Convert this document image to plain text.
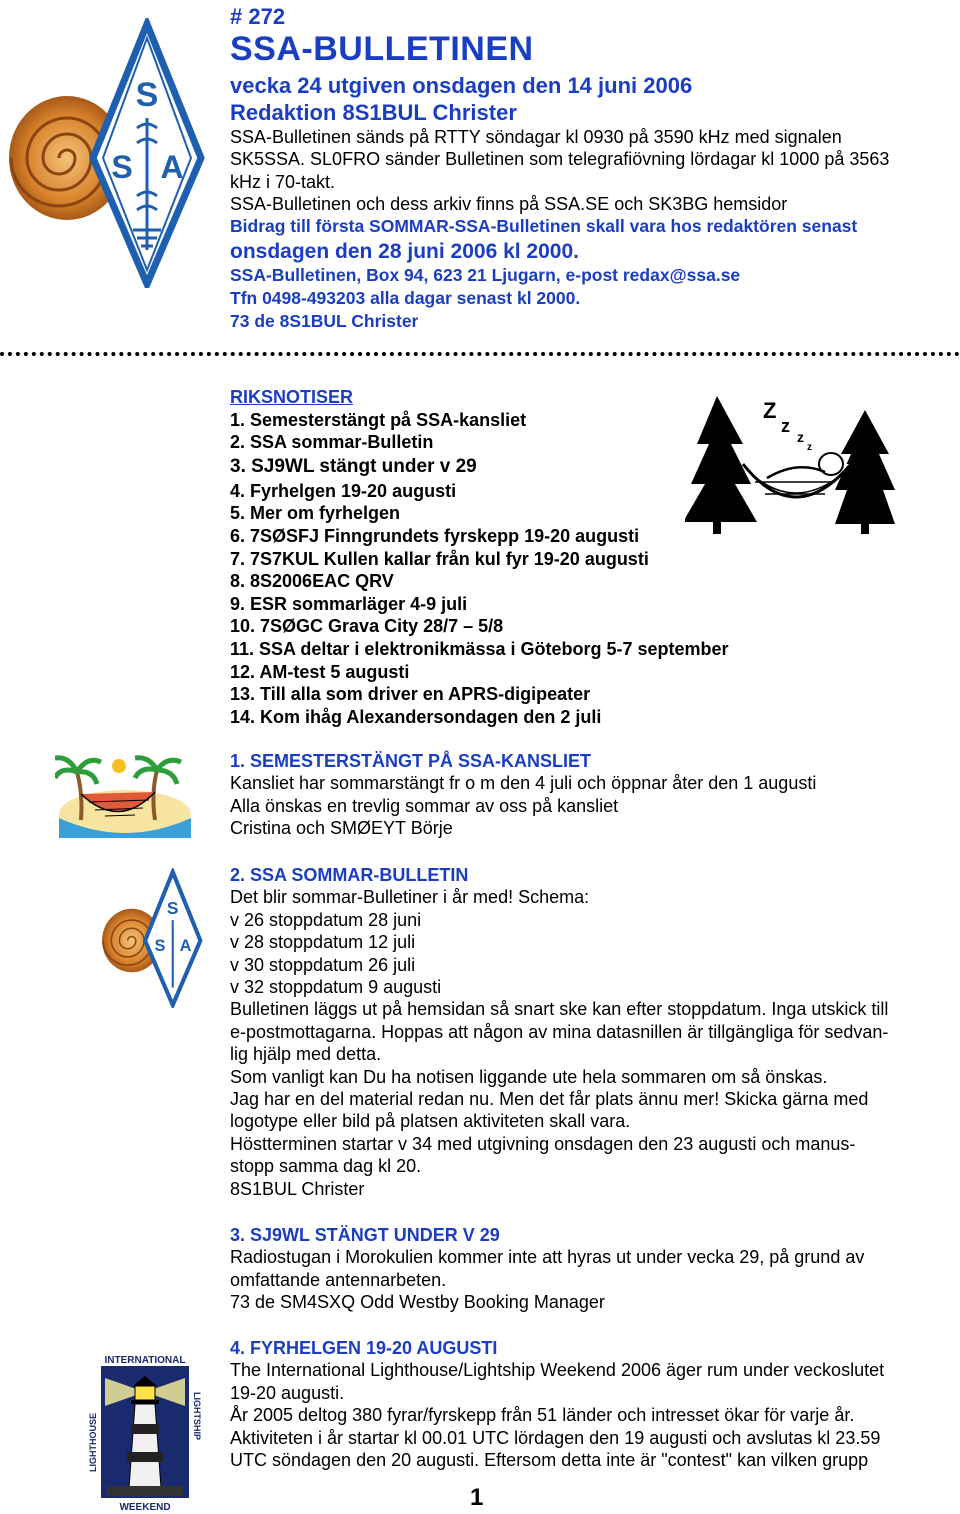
S
S A
# 272
SSA-BULLETINEN
vecka 24 utgiven onsdagen den 14 juni 2006
Redaktion 8S1BUL Christer
SSA-Bulletinen sänds på RTTY söndagar kl 0930 på 3590 kHz med signalen
SK5SSA. SL0FRO sänder Bulletinen som telegrafiövning lördagar kl 1000 på 3563
kHz i 70-takt.
SSA-Bulletinen och dess arkiv finns på SSA.SE och SK3BG hemsidor
Bidrag till första SOMMAR-SSA-Bulletinen skall vara hos redaktören senast
onsdagen den 28 juni 2006 kl 2000.
SSA-Bulletinen, Box 94, 623 21 Ljugarn, e-post redax@ssa.se
Tfn 0498-493203 alla dagar senast kl 2000.
73 de 8S1BUL Christer
RIKSNOTISER
1. Semesterstängt på SSA-kansliet
2. SSA sommar-Bulletin
3. SJ9WL stängt under v 29
4. Fyrhelgen 19-20 augusti
5. Mer om fyrhelgen
6. 7SØSFJ Finngrundets fyrskepp 19-20 augusti
7. 7S7KUL Kullen kallar från kul fyr 19-20 augusti
8. 8S2006EAC QRV
9. ESR sommarläger 4-9 juli
10. 7SØGC Grava City 28/7 – 5/8
11. SSA deltar i elektronikmässa i Göteborg 5-7 september
12. AM-test 5 augusti
13. Till alla som driver en APRS-digipeater
14. Kom ihåg Alexandersondagen den 2 juli
Z
z
z
z
S
S A
INTERNATIONAL
WEEKEND
LIGHTHOUSE	LIGHTSHIP
1. SEMESTERSTÄNGT PÅ SSA-KANSLIET
Kansliet har sommarstängt fr o m den 4 juli och öppnar åter den 1 augusti
Alla önskas en trevlig sommar av oss på kansliet
Cristina och SMØEYT Börje
2. SSA SOMMAR-BULLETIN
Det blir sommar-Bulletiner i år med! Schema:
v 26 stoppdatum 28 juni
v 28 stoppdatum 12 juli
v 30 stoppdatum 26 juli
v 32 stoppdatum 9 augusti
Bulletinen läggs ut på hemsidan så snart ske kan efter stoppdatum. Inga utskick till
e-postmottagarna. Hoppas att någon av mina datasnillen är tillgängliga för sedvan-
lig hjälp med detta.
Som vanligt kan Du ha notisen liggande ute hela sommaren om så önskas.
Jag har en del material redan nu. Men det får plats ännu mer! Skicka gärna med
logotype eller bild på platsen aktiviteten skall vara.
Höstterminen startar v 34 med utgivning onsdagen den 23 augusti och manus-
stopp samma dag kl 20.
8S1BUL Christer
3. SJ9WL STÄNGT UNDER V 29
Radiostugan i Morokulien kommer inte att hyras ut under vecka 29, på grund av
omfattande antennarbeten.
73 de SM4SXQ Odd Westby Booking Manager
4. FYRHELGEN 19-20 AUGUSTI
The International Lighthouse/Lightship Weekend 2006 äger rum under veckoslutet
19-20 augusti.
År 2005 deltog 380 fyrar/fyrskepp från 51 länder och intresset ökar för varje år.
Aktiviteten i år startar kl 00.01 UTC lördagen den 19 augusti och avslutas kl 23.59
UTC söndagen den 20 augusti. Eftersom detta inte är "contest" kan vilken grupp
1
